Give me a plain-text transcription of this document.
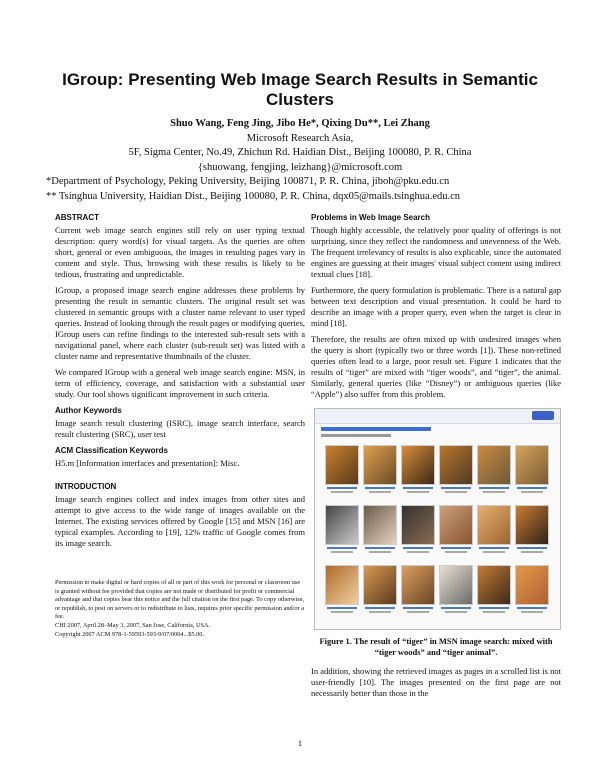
IGroup: Presenting Web Image Search Results in Semantic Clusters
Shuo Wang, Feng Jing, Jibo He*, Qixing Du**, Lei Zhang
Microsoft Research Asia,
5F, Sigma Center, No.49, Zhichun Rd. Haidian Dist., Beijing 100080, P. R. China
{shuowang, fengjing, leizhang}@microsoft.com
*Department of Psychology, Peking University, Beijing 100871, P. R. China, jiboh@pku.edu.cn
** Tsinghua University, Haidian Dist., Beijing 100080, P. R. China, dqx05@mails.tsinghua.edu.cn
ABSTRACT

Current web image search engines still rely on user typing textual description: query word(s) for visual targets. As the queries are often short, general or even ambiguous, the images in resulting pages vary in content and style. Thus, browsing with these results is likely to be tedious, frustrating and unpredictable.

IGroup, a proposed image search engine addresses these problems by presenting the result in semantic clusters. The original result set was clustered in semantic groups with a cluster name relevant to user typed queries. Instead of looking through the result pages or modifying queries, IGroup users can refine findings to the interested sub-result sets with a navigational panel, where each cluster (sub-result set) was listed with a cluster name and representative thumbnails of the cluster.

We compared IGroup with a general web image search engine: MSN, in term of efficiency, coverage, and satisfaction with a substantial user study. Our tool shows significant improvement in such criteria.

Author Keywords

Image search result clustering (ISRC), image search interface, search result clustering (SRC), user test

ACM Classification Keywords

H5.m [Information interfaces and presentation]: Misc.

INTRODUCTION

Image search engines collect and index images from other sites and attempt to give access to the wide range of images available on the Internet. The existing services offered by Google [15] and MSN [16] are typical examples. According to [19], 12% traffic of Google comes from its image search.

Permission to make digital or hard copies of all or part of this work for personal or classroom use is granted without fee provided that copies are not made or distributed for profit or commercial advantage and that copies bear this notice and the full citation on the first page. To copy otherwise, or republish, to post on servers or to redistribute to lists, requires prior specific permission and/or a fee.
CHI 2007, April 28–May 3, 2007, San Jose, California, USA.
Copyright 2007 ACM 978-1-59593-593-9/07/0004...$5.00.
Problems in Web Image Search

Though highly accessible, the relatively poor quality of offerings is not surprising, since they reflect the randomness and unevenness of the Web. The frequent irrelevancy of results is also explicable, since the automated engines are guessing at their images' visual subject content using indirect textual clues [18].

Furthermore, the query formulation is problematic. There is a natural gap between text description and visual presentation. It could be hard to describe an image with a proper query, even when the target is clear in mind [18].

Therefore, the results are often mixed up with undesired images when the query is short (typically two or three words [1]). These non-refined queries often lead to a large, poor result set. Figure 1 indicates that the results of “tiger” are mixed with “tiger woods”, and “tiger”, the animal. Similarly, general queries (like “Disney”) or ambiguous queries (like “Apple”) also suffer from this problem.

Figure 1. The result of “tiger” in MSN image search: mixed with “tiger woods” and “tiger animal”.

In addition, showing the retrieved images as pages in a scrolled list is not user-friendly [10]. The images presented on the first page are not necessarily better than those in the

1
